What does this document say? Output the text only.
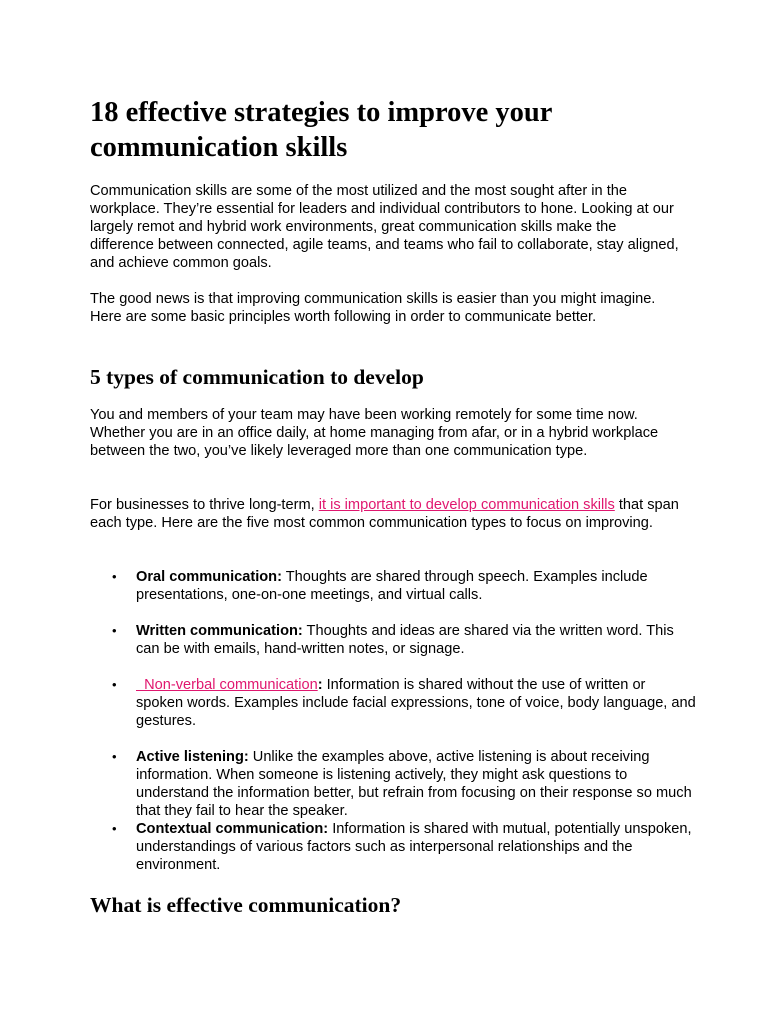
18 effective strategies to improve your communication skills

Communication skills are some of the most utilized and the most sought after in the workplace. They’re essential for leaders and individual contributors to hone. Looking at our largely remot and hybrid work environments, great communication skills make the difference between connected, agile teams, and teams who fail to collaborate, stay aligned, and achieve common goals.

The good news is that improving communication skills is easier than you might imagine. Here are some basic principles worth following in order to communicate better.

5 types of communication to develop

You and members of your team may have been working remotely for some time now. Whether you are in an office daily, at home managing from afar, or in a hybrid workplace between the two, you’ve likely leveraged more than one communication type.

For businesses to thrive long-term, it is important to develop communication skills that span each type. Here are the five most common communication types to focus on improving.

• Oral communication: Thoughts are shared through speech. Examples include presentations, one-on-one meetings, and virtual calls.
• Written communication: Thoughts and ideas are shared via the written word. This can be with emails, hand-written notes, or signage.
• Non-verbal communication: Information is shared without the use of written or spoken words. Examples include facial expressions, tone of voice, body language, and gestures.
• Active listening: Unlike the examples above, active listening is about receiving information. When someone is listening actively, they might ask questions to understand the information better, but refrain from focusing on their response so much that they fail to hear the speaker.
• Contextual communication: Information is shared with mutual, potentially unspoken, understandings of various factors such as interpersonal relationships and the environment.
What is effective communication?
